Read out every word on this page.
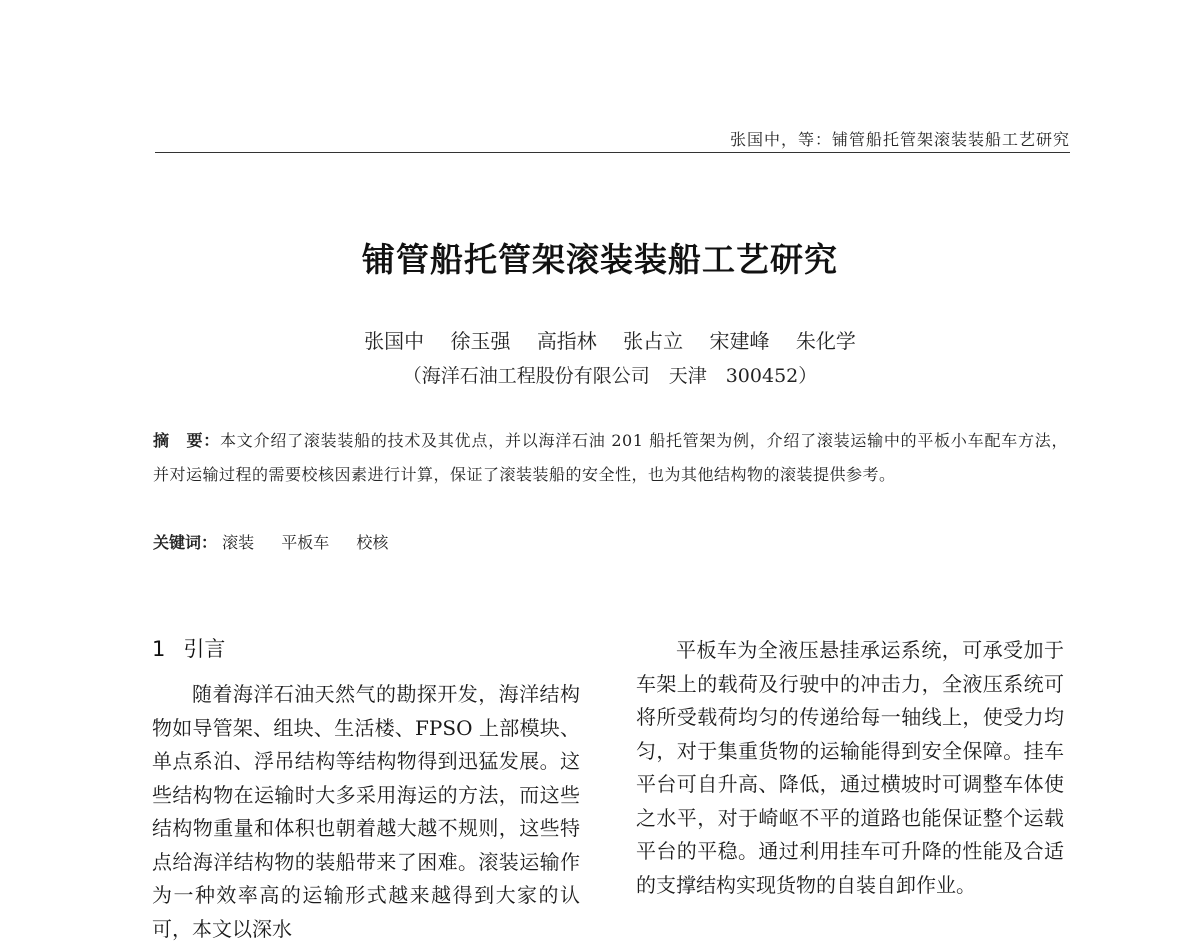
张国中，等：铺管船托管架滚装装船工艺研究
铺管船托管架滚装装船工艺研究
张国中 徐玉强 高指林 张占立 宋建峰 朱化学
（海洋石油工程股份有限公司　天津　300452）
摘　要：本文介绍了滚装装船的技术及其优点，并以海洋石油 201 船托管架为例，介绍了滚装运输中的平板小车配车方法，并对运输过程的需要校核因素进行计算，保证了滚装装船的安全性，也为其他结构物的滚装提供参考。
关键词： 滚装 平板车 校核
1 引言

随着海洋石油天然气的勘探开发，海洋结构物如导管架、组块、生活楼、FPSO 上部模块、单点系泊、浮吊结构等结构物得到迅猛发展。这些结构物在运输时大多采用海运的方法，而这些结构物重量和体积也朝着越大越不规则，这些特点给海洋结构物的装船带来了困难。滚装运输作为一种效率高的运输形式越来越得到大家的认可，本文以深水

平板车为全液压悬挂承运系统，可承受加于车架上的载荷及行驶中的冲击力，全液压系统可将所受载荷均匀的传递给每一轴线上，使受力均匀，对于集重货物的运输能得到安全保障。挂车平台可自升高、降低，通过横坡时可调整车体使之水平，对于崎岖不平的道路也能保证整个运载平台的平稳。通过利用挂车可升降的性能及合适的支撑结构实现货物的自装自卸作业。
